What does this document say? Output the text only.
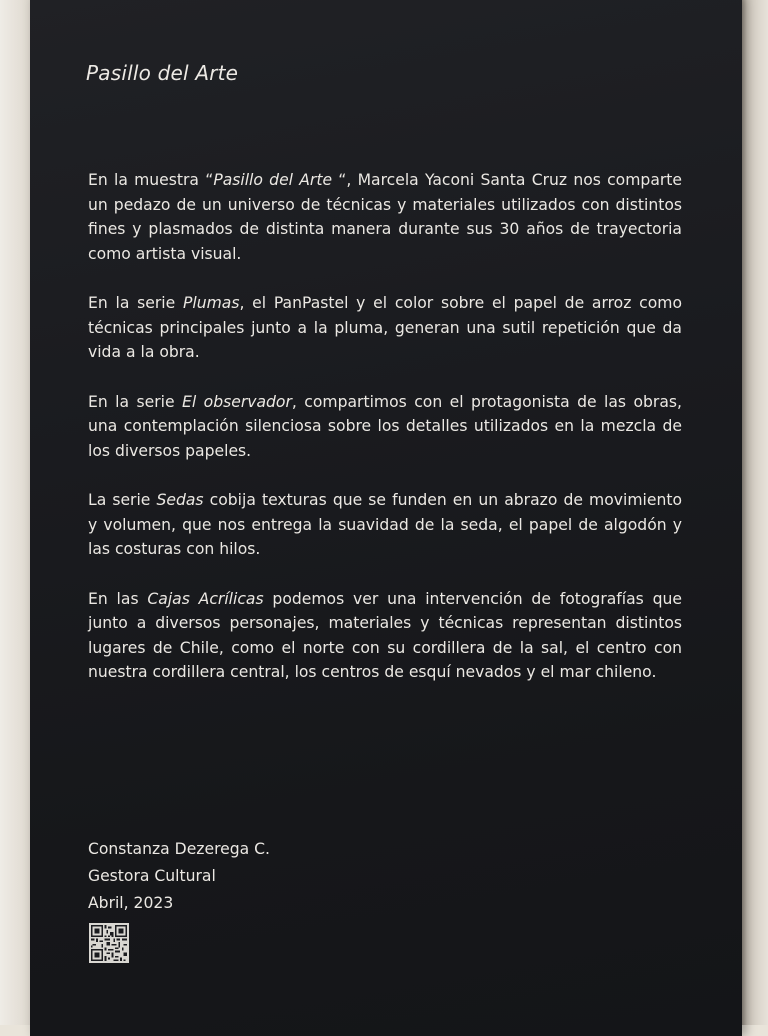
Pasillo del Arte

En la muestra “Pasillo del Arte “, Marcela Yaconi Santa Cruz nos comparte un pedazo de un universo de técnicas y materiales utilizados con distintos fines y plasmados de distinta manera durante sus 30 años de trayectoria como artista visual.

En la serie Plumas, el PanPastel y el color sobre el papel de arroz como técnicas principales junto a la pluma, generan una sutil repetición que da vida a la obra.

En la serie El observador, compartimos con el protagonista de las obras, una contemplación silenciosa sobre los detalles utilizados en la mezcla de los diversos papeles.

La serie Sedas cobija texturas que se funden en un abrazo de movimiento y volumen, que nos entrega la suavidad de la seda, el papel de algodón y las costuras con hilos.

En las Cajas Acrílicas podemos ver una intervención de fotografías que junto a diversos personajes, materiales y técnicas representan distintos lugares de Chile, como el norte con su cordillera de la sal, el centro con nuestra cordillera central, los centros de esquí nevados y el mar chileno.

Constanza Dezerega C.
Gestora Cultural
Abril, 2023
